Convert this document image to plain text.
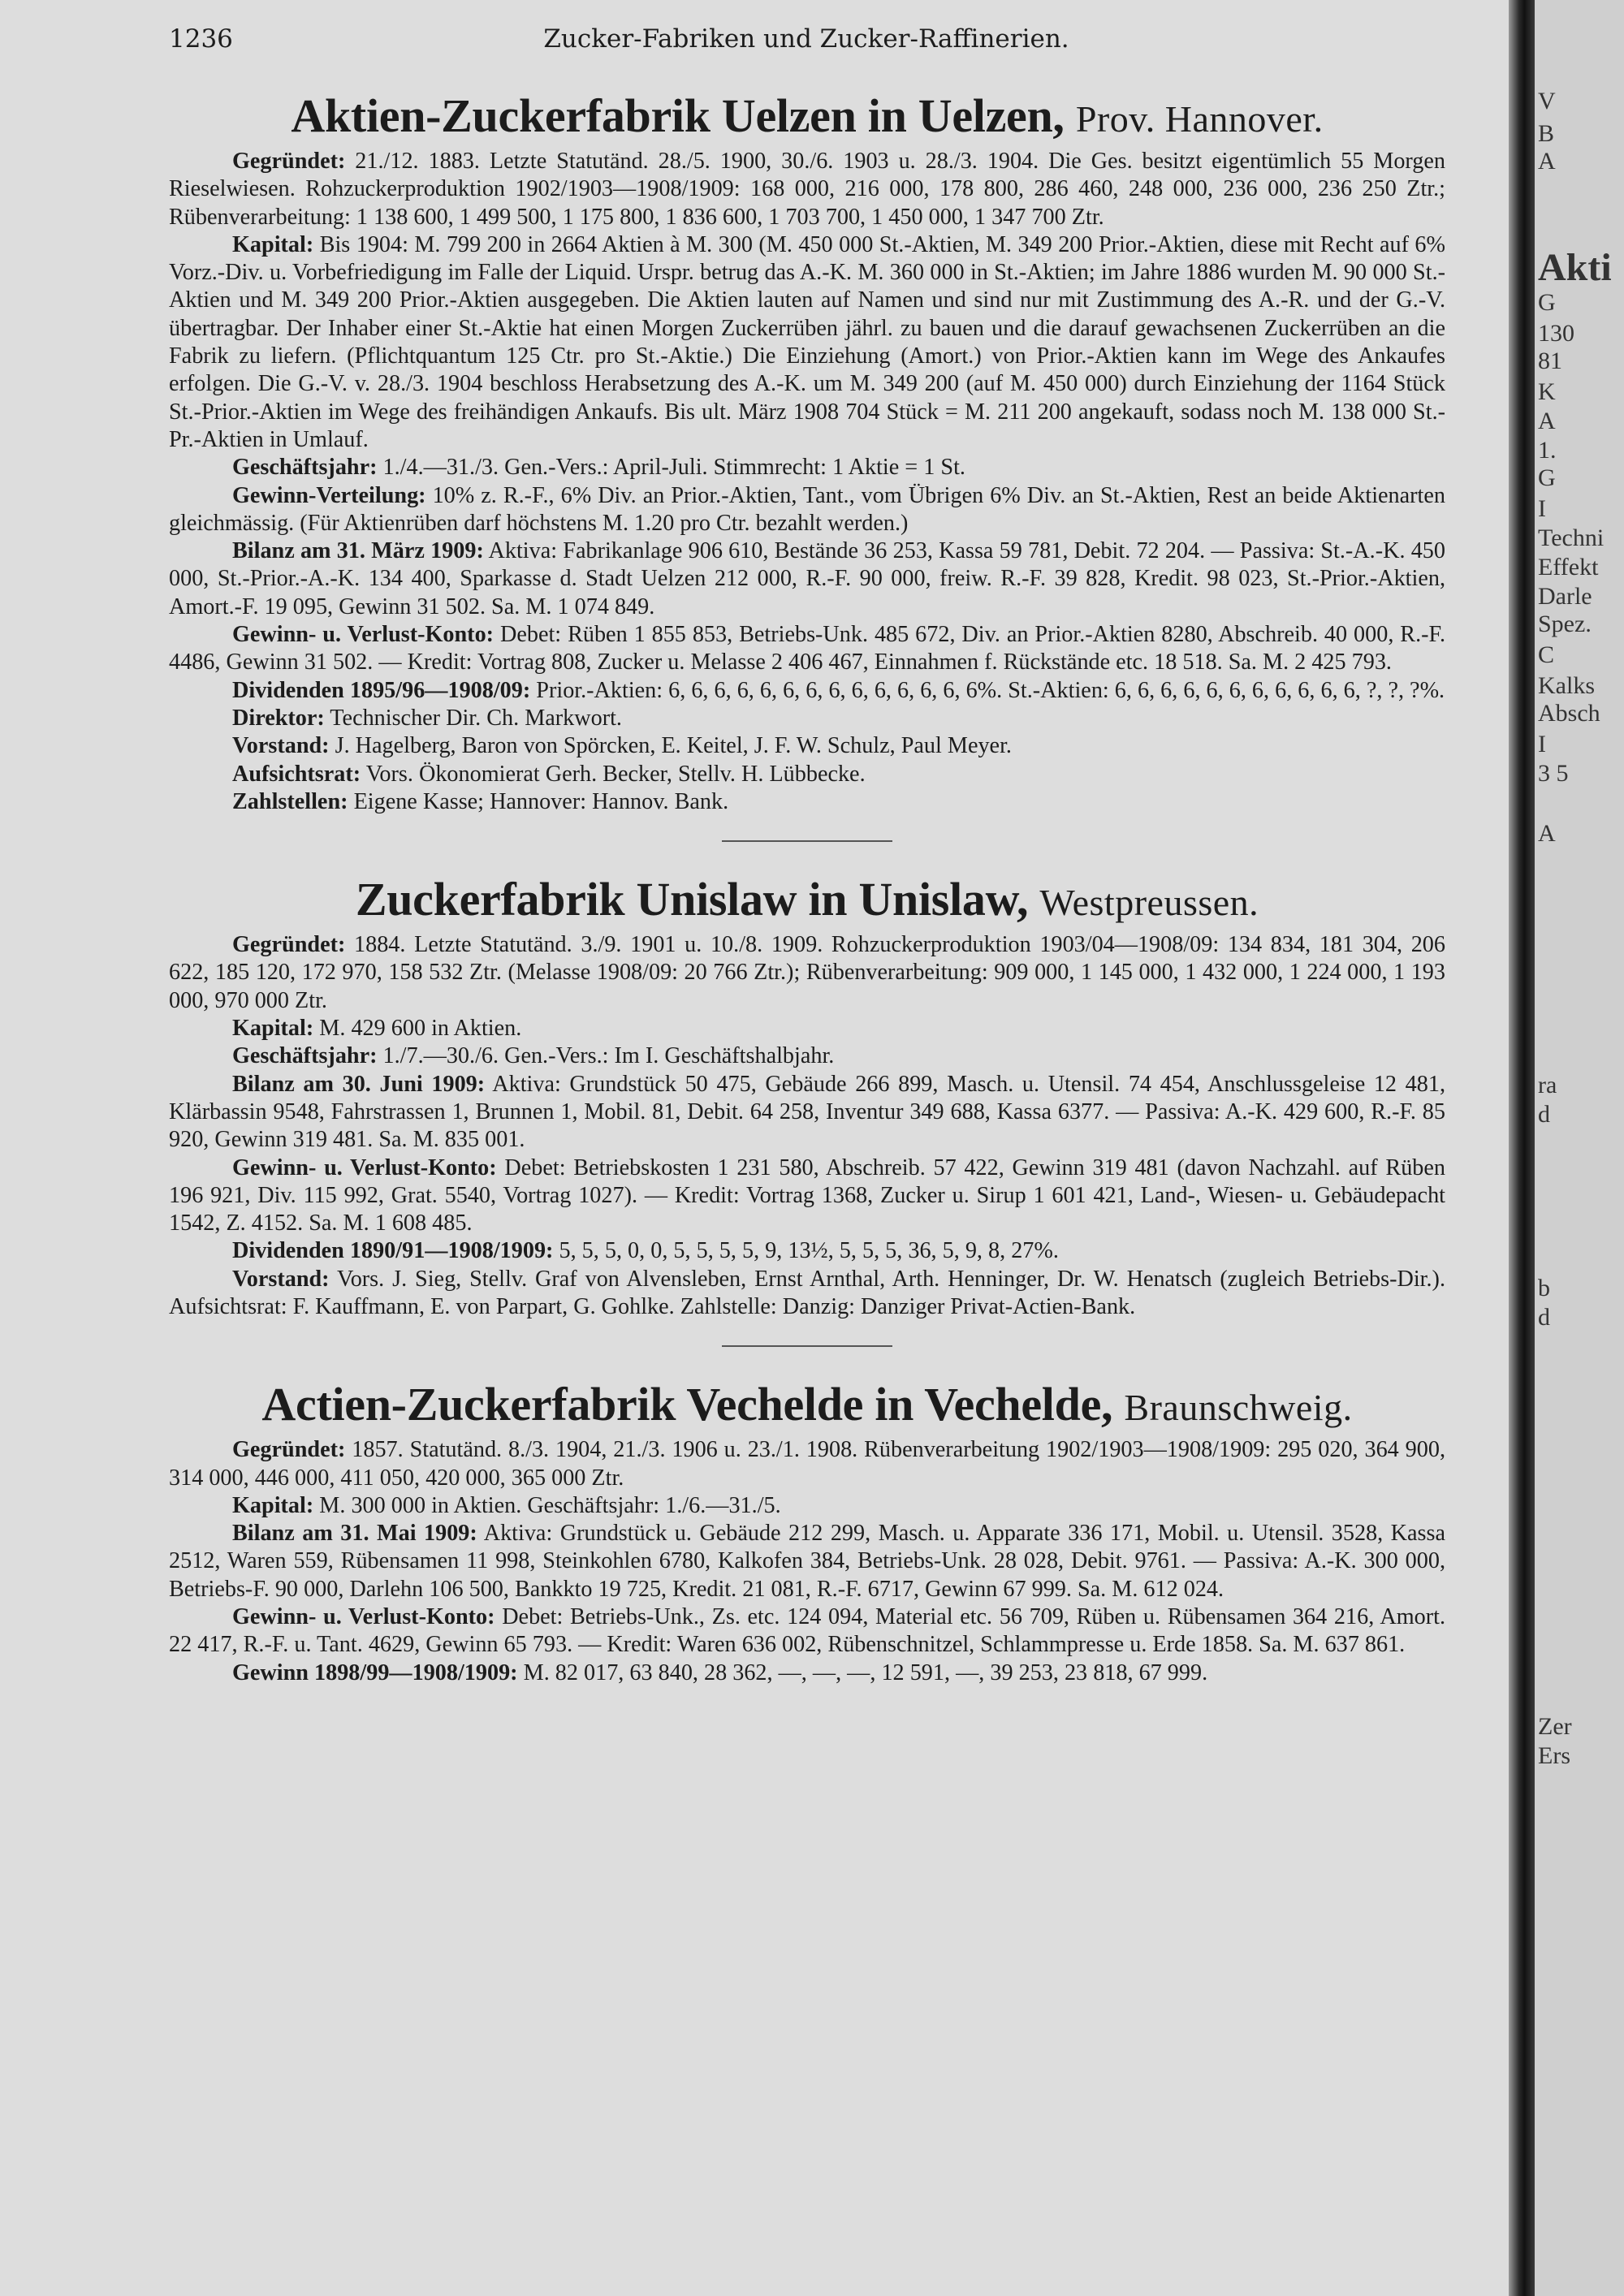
1236	Zucker-Fabriken und Zucker-Raffinerien.
Aktien-Zuckerfabrik Uelzen in Uelzen, Prov. Hannover.

Gegründet: 21./12. 1883. Letzte Statutänd. 28./5. 1900, 30./6. 1903 u. 28./3. 1904. Die Ges. besitzt eigentümlich 55 Morgen Rieselwiesen. Rohzuckerproduktion 1902/1903—1908/1909: 168 000, 216 000, 178 800, 286 460, 248 000, 236 000, 236 250 Ztr.; Rübenverarbeitung: 1 138 600, 1 499 500, 1 175 800, 1 836 600, 1 703 700, 1 450 000, 1 347 700 Ztr.

Kapital: Bis 1904: M. 799 200 in 2664 Aktien à M. 300 (M. 450 000 St.-Aktien, M. 349 200 Prior.-Aktien, diese mit Recht auf 6% Vorz.-Div. u. Vorbefriedigung im Falle der Liquid. Urspr. betrug das A.-K. M. 360 000 in St.-Aktien; im Jahre 1886 wurden M. 90 000 St.-Aktien und M. 349 200 Prior.-Aktien ausgegeben. Die Aktien lauten auf Namen und sind nur mit Zustimmung des A.-R. und der G.-V. übertragbar. Der Inhaber einer St.-Aktie hat einen Morgen Zuckerrüben jährl. zu bauen und die darauf gewachsenen Zuckerrüben an die Fabrik zu liefern. (Pflichtquantum 125 Ctr. pro St.-Aktie.) Die Einziehung (Amort.) von Prior.-Aktien kann im Wege des Ankaufes erfolgen. Die G.-V. v. 28./3. 1904 beschloss Herabsetzung des A.-K. um M. 349 200 (auf M. 450 000) durch Einziehung der 1164 Stück St.-Prior.-Aktien im Wege des freihändigen Ankaufs. Bis ult. März 1908 704 Stück = M. 211 200 angekauft, sodass noch M. 138 000 St.-Pr.-Aktien in Umlauf.

Geschäftsjahr: 1./4.—31./3. Gen.-Vers.: April-Juli. Stimmrecht: 1 Aktie = 1 St.

Gewinn-Verteilung: 10% z. R.-F., 6% Div. an Prior.-Aktien, Tant., vom Übrigen 6% Div. an St.-Aktien, Rest an beide Aktienarten gleichmässig. (Für Aktienrüben darf höchstens M. 1.20 pro Ctr. bezahlt werden.)

Bilanz am 31. März 1909: Aktiva: Fabrikanlage 906 610, Bestände 36 253, Kassa 59 781, Debit. 72 204. — Passiva: St.-A.-K. 450 000, St.-Prior.-A.-K. 134 400, Sparkasse d. Stadt Uelzen 212 000, R.-F. 90 000, freiw. R.-F. 39 828, Kredit. 98 023, St.-Prior.-Aktien, Amort.-F. 19 095, Gewinn 31 502. Sa. M. 1 074 849.

Gewinn- u. Verlust-Konto: Debet: Rüben 1 855 853, Betriebs-Unk. 485 672, Div. an Prior.-Aktien 8280, Abschreib. 40 000, R.-F. 4486, Gewinn 31 502. — Kredit: Vortrag 808, Zucker u. Melasse 2 406 467, Einnahmen f. Rückstände etc. 18 518. Sa. M. 2 425 793.

Dividenden 1895/96—1908/09: Prior.-Aktien: 6, 6, 6, 6, 6, 6, 6, 6, 6, 6, 6, 6, 6, 6%. St.-Aktien: 6, 6, 6, 6, 6, 6, 6, 6, 6, 6, 6, ?, ?, ?%.

Direktor: Technischer Dir. Ch. Markwort.

Vorstand: J. Hagelberg, Baron von Spörcken, E. Keitel, J. F. W. Schulz, Paul Meyer.

Aufsichtsrat: Vors. Ökonomierat Gerh. Becker, Stellv. H. Lübbecke.

Zahlstellen: Eigene Kasse; Hannover: Hannov. Bank.

Zuckerfabrik Unislaw in Unislaw, Westpreussen.

Gegründet: 1884. Letzte Statutänd. 3./9. 1901 u. 10./8. 1909. Rohzuckerproduktion 1903/04—1908/09: 134 834, 181 304, 206 622, 185 120, 172 970, 158 532 Ztr. (Melasse 1908/09: 20 766 Ztr.); Rübenverarbeitung: 909 000, 1 145 000, 1 432 000, 1 224 000, 1 193 000, 970 000 Ztr.

Kapital: M. 429 600 in Aktien.

Geschäftsjahr: 1./7.—30./6. Gen.-Vers.: Im I. Geschäftshalbjahr.

Bilanz am 30. Juni 1909: Aktiva: Grundstück 50 475, Gebäude 266 899, Masch. u. Utensil. 74 454, Anschlussgeleise 12 481, Klärbassin 9548, Fahrstrassen 1, Brunnen 1, Mobil. 81, Debit. 64 258, Inventur 349 688, Kassa 6377. — Passiva: A.-K. 429 600, R.-F. 85 920, Gewinn 319 481. Sa. M. 835 001.

Gewinn- u. Verlust-Konto: Debet: Betriebskosten 1 231 580, Abschreib. 57 422, Gewinn 319 481 (davon Nachzahl. auf Rüben 196 921, Div. 115 992, Grat. 5540, Vortrag 1027). — Kredit: Vortrag 1368, Zucker u. Sirup 1 601 421, Land-, Wiesen- u. Gebäudepacht 1542, Z. 4152. Sa. M. 1 608 485.

Dividenden 1890/91—1908/1909: 5, 5, 5, 0, 0, 5, 5, 5, 5, 9, 13½, 5, 5, 5, 36, 5, 9, 8, 27%.

Vorstand: Vors. J. Sieg, Stellv. Graf von Alvensleben, Ernst Arnthal, Arth. Henninger, Dr. W. Henatsch (zugleich Betriebs-Dir.). Aufsichtsrat: F. Kauffmann, E. von Parpart, G. Gohlke. Zahlstelle: Danzig: Danziger Privat-Actien-Bank.

Actien-Zuckerfabrik Vechelde in Vechelde, Braunschweig.

Gegründet: 1857. Statutänd. 8./3. 1904, 21./3. 1906 u. 23./1. 1908. Rübenverarbeitung 1902/1903—1908/1909: 295 020, 364 900, 314 000, 446 000, 411 050, 420 000, 365 000 Ztr.

Kapital: M. 300 000 in Aktien. Geschäftsjahr: 1./6.—31./5.

Bilanz am 31. Mai 1909: Aktiva: Grundstück u. Gebäude 212 299, Masch. u. Apparate 336 171, Mobil. u. Utensil. 3528, Kassa 2512, Waren 559, Rübensamen 11 998, Steinkohlen 6780, Kalkofen 384, Betriebs-Unk. 28 028, Debit. 9761. — Passiva: A.-K. 300 000, Betriebs-F. 90 000, Darlehn 106 500, Bankkto 19 725, Kredit. 21 081, R.-F. 6717, Gewinn 67 999. Sa. M. 612 024.

Gewinn- u. Verlust-Konto: Debet: Betriebs-Unk., Zs. etc. 124 094, Material etc. 56 709, Rüben u. Rübensamen 364 216, Amort. 22 417, R.-F. u. Tant. 4629, Gewinn 65 793. — Kredit: Waren 636 002, Rübenschnitzel, Schlammpresse u. Erde 1858. Sa. M. 637 861.

Gewinn 1898/99—1908/1909: M. 82 017, 63 840, 28 362, —, —, —, 12 591, —, 39 253, 23 818, 67 999.

V
B
A
Akti
G
130
81
K
A
1.
G
I
Techni
Effekt
Darle
Spez.
C
Kalks
Absch
I
3 5
A
ra
d
b
d
Zer
Ers
